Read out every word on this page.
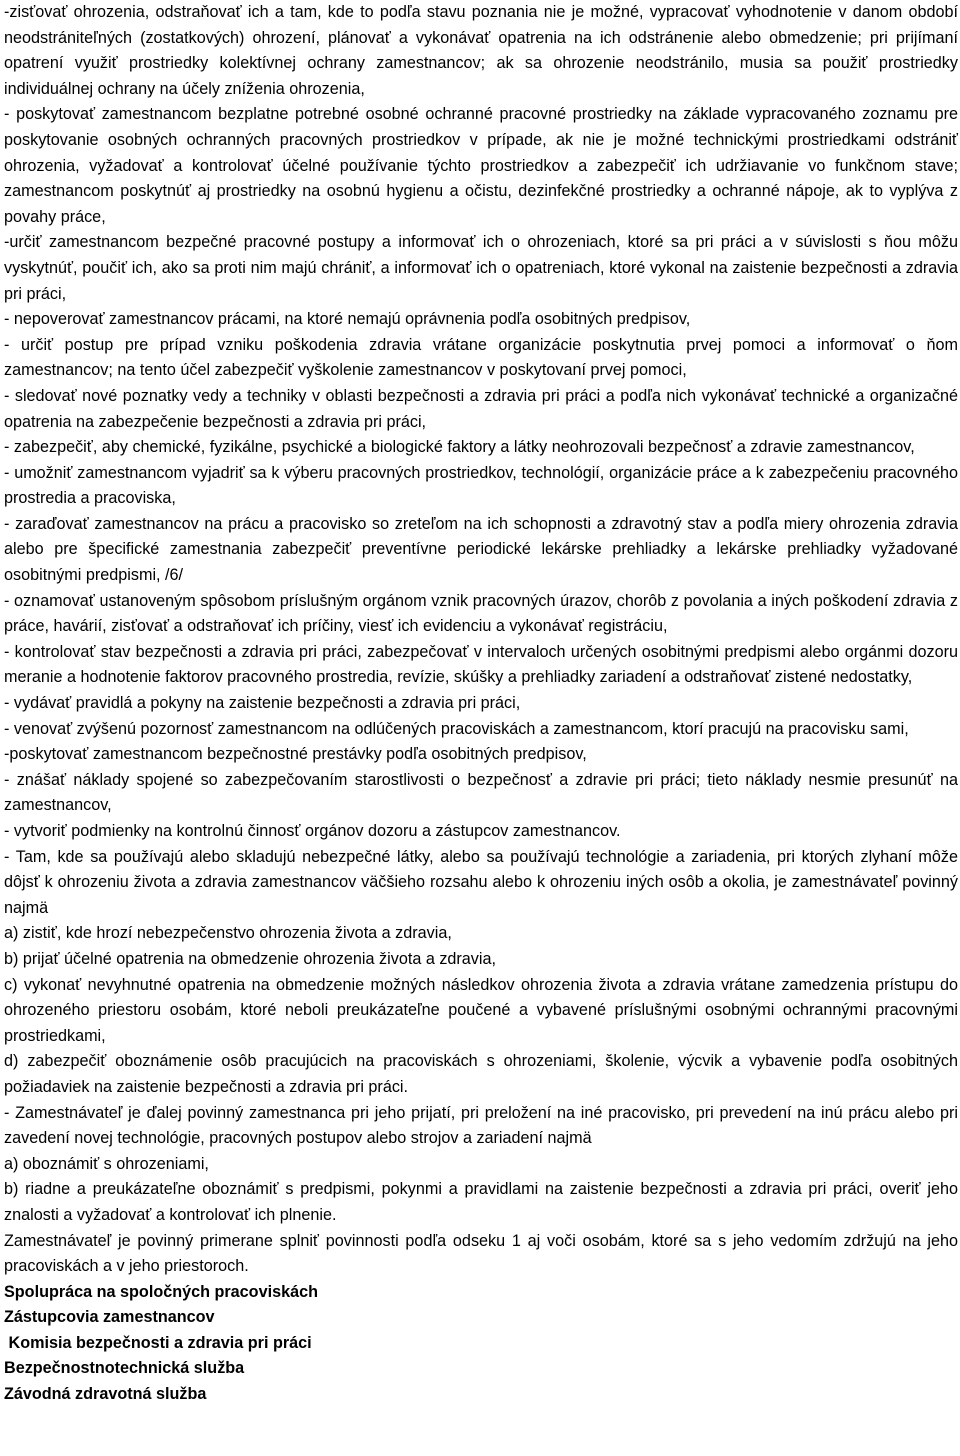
-zisťovať ohrozenia, odstraňovať ich a tam, kde to podľa stavu poznania nie je možné, vypracovať vyhodnotenie v danom období neodstrániteľných (zostatkových) ohrození, plánovať a vykonávať opatrenia na ich odstránenie alebo obmedzenie; pri prijímaní opatrení využiť prostriedky kolektívnej ochrany zamestnancov; ak sa ohrozenie neodstránilo, musia sa použiť prostriedky individuálnej ochrany na účely zníženia ohrozenia,

- poskytovať zamestnancom bezplatne potrebné osobné ochranné pracovné prostriedky na základe vypracovaného zoznamu pre poskytovanie osobných ochranných pracovných prostriedkov v prípade, ak nie je možné technickými prostriedkami odstrániť ohrozenia, vyžadovať a kontrolovať účelné používanie týchto prostriedkov a zabezpečiť ich udržiavanie vo funkčnom stave; zamestnancom poskytnúť aj prostriedky na osobnú hygienu a očistu, dezinfekčné prostriedky a ochranné nápoje, ak to vyplýva z povahy práce,

-určiť zamestnancom bezpečné pracovné postupy a informovať ich o ohrozeniach, ktoré sa pri práci a v súvislosti s ňou môžu vyskytnúť, poučiť ich, ako sa proti nim majú chrániť, a informovať ich o opatreniach, ktoré vykonal na zaistenie bezpečnosti a zdravia pri práci,

- nepoverovať zamestnancov prácami, na ktoré nemajú oprávnenia podľa osobitných predpisov,

- určiť postup pre prípad vzniku poškodenia zdravia vrátane organizácie poskytnutia prvej pomoci a informovať o ňom zamestnancov; na tento účel zabezpečiť vyškolenie zamestnancov v poskytovaní prvej pomoci,

- sledovať nové poznatky vedy a techniky v oblasti bezpečnosti a zdravia pri práci a podľa nich vykonávať technické a organizačné opatrenia na zabezpečenie bezpečnosti a zdravia pri práci,

- zabezpečiť, aby chemické, fyzikálne, psychické a biologické faktory a látky neohrozovali bezpečnosť a zdravie zamestnancov,

- umožniť zamestnancom vyjadriť sa k výberu pracovných prostriedkov, technológií, organizácie práce a k zabezpečeniu pracovného prostredia a pracoviska,

- zaraďovať zamestnancov na prácu a pracovisko so zreteľom na ich schopnosti a zdravotný stav a podľa miery ohrozenia zdravia alebo pre špecifické zamestnania zabezpečiť preventívne periodické lekárske prehliadky a lekárske prehliadky vyžadované osobitnými predpismi, /6/

- oznamovať ustanoveným spôsobom príslušným orgánom vznik pracovných úrazov, chorôb z povolania a iných poškodení zdravia z práce, havárií, zisťovať a odstraňovať ich príčiny, viesť ich evidenciu a vykonávať registráciu,

- kontrolovať stav bezpečnosti a zdravia pri práci, zabezpečovať v intervaloch určených osobitnými predpismi alebo orgánmi dozoru meranie a hodnotenie faktorov pracovného prostredia, revízie, skúšky a prehliadky zariadení a odstraňovať zistené nedostatky,

- vydávať pravidlá a pokyny na zaistenie bezpečnosti a zdravia pri práci,

- venovať zvýšenú pozornosť zamestnancom na odlúčených pracoviskách a zamestnancom, ktorí pracujú na pracovisku sami,

-poskytovať zamestnancom bezpečnostné prestávky podľa osobitných predpisov,

- znášať náklady spojené so zabezpečovaním starostlivosti o bezpečnosť a zdravie pri práci; tieto náklady nesmie presunúť na zamestnancov,

- vytvoriť podmienky na kontrolnú činnosť orgánov dozoru a zástupcov zamestnancov.

- Tam, kde sa používajú alebo skladujú nebezpečné látky, alebo sa používajú technológie a zariadenia, pri ktorých zlyhaní môže dôjsť k ohrozeniu života a zdravia zamestnancov väčšieho rozsahu alebo k ohrozeniu iných osôb a okolia, je zamestnávateľ povinný najmä

a) zistiť, kde hrozí nebezpečenstvo ohrozenia života a zdravia,

b) prijať účelné opatrenia na obmedzenie ohrozenia života a zdravia,

c) vykonať nevyhnutné opatrenia na obmedzenie možných následkov ohrozenia života a zdravia vrátane zamedzenia prístupu do ohrozeného priestoru osobám, ktoré neboli preukázateľne poučené a vybavené príslušnými osobnými ochrannými pracovnými prostriedkami,

d) zabezpečiť oboznámenie osôb pracujúcich na pracoviskách s ohrozeniami, školenie, výcvik a vybavenie podľa osobitných požiadaviek na zaistenie bezpečnosti a zdravia pri práci.

- Zamestnávateľ je ďalej povinný zamestnanca pri jeho prijatí, pri preložení na iné pracovisko, pri prevedení na inú prácu alebo pri zavedení novej technológie, pracovných postupov alebo strojov a zariadení najmä

a) oboznámiť s ohrozeniami,

b) riadne a preukázateľne oboznámiť s predpismi, pokynmi a pravidlami na zaistenie bezpečnosti a zdravia pri práci, overiť jeho znalosti a vyžadovať a kontrolovať ich plnenie.

Zamestnávateľ je povinný primerane splniť povinnosti podľa odseku 1 aj voči osobám, ktoré sa s jeho vedomím zdržujú na jeho pracoviskách a v jeho priestoroch.

Spolupráca na spoločných pracoviskách

Zástupcovia zamestnancov

Komisia bezpečnosti a zdravia pri práci

Bezpečnostnotechnická služba

Závodná zdravotná služba
